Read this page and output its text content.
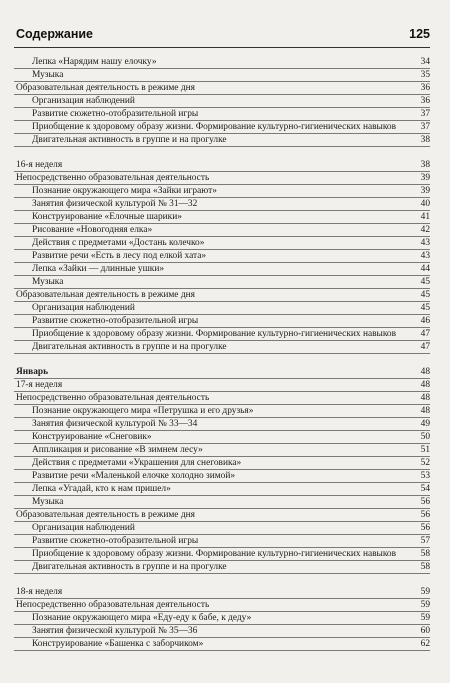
Содержание	125
Лепка «Нарядим нашу елочку»	34
Музыка	35
Образовательная деятельность в режиме дня	36
Организация наблюдений	36
Развитие сюжетно-отобразительной игры	37
Приобщение к здоровому образу жизни. Формирование культурно-гигиенических навыков	37
Двигательная активность в группе и на прогулке	38
16-я неделя	38
Непосредственно образовательная деятельность	39
Познание окружающего мира «Зайки играют»	39
Занятия физической культурой № 31—32	40
Конструирование «Елочные шарики»	41
Рисование «Новогодняя елка»	42
Действия с предметами «Достань колечко»	43
Развитие речи «Есть в лесу под елкой хата»	43
Лепка «Зайки — длинные ушки»	44
Музыка	45
Образовательная деятельность в режиме дня	45
Организация наблюдений	45
Развитие сюжетно-отобразительной игры	46
Приобщение к здоровому образу жизни. Формирование культурно-гигиенических навыков	47
Двигательная активность в группе и на прогулке	47
Январь	48
17-я неделя	48
Непосредственно образовательная деятельность	48
Познание окружающего мира «Петрушка и его друзья»	48
Занятия физической культурой № 33—34	49
Конструирование «Снеговик»	50
Аппликация и рисование «В зимнем лесу»	51
Действия с предметами «Украшения для снеговика»	52
Развитие речи «Маленькой елочке холодно зимой»	53
Лепка «Угадай, кто к нам пришел»	54
Музыка	56
Образовательная деятельность в режиме дня	56
Организация наблюдений	56
Развитие сюжетно-отобразительной игры	57
Приобщение к здоровому образу жизни. Формирование культурно-гигиенических навыков	58
Двигательная активность в группе и на прогулке	58
18-я неделя	59
Непосредственно образовательная деятельность	59
Познание окружающего мира «Еду-еду к бабе, к деду»	59
Занятия физической культурой № 35—36	60
Конструирование «Башенка с заборчиком»	62
